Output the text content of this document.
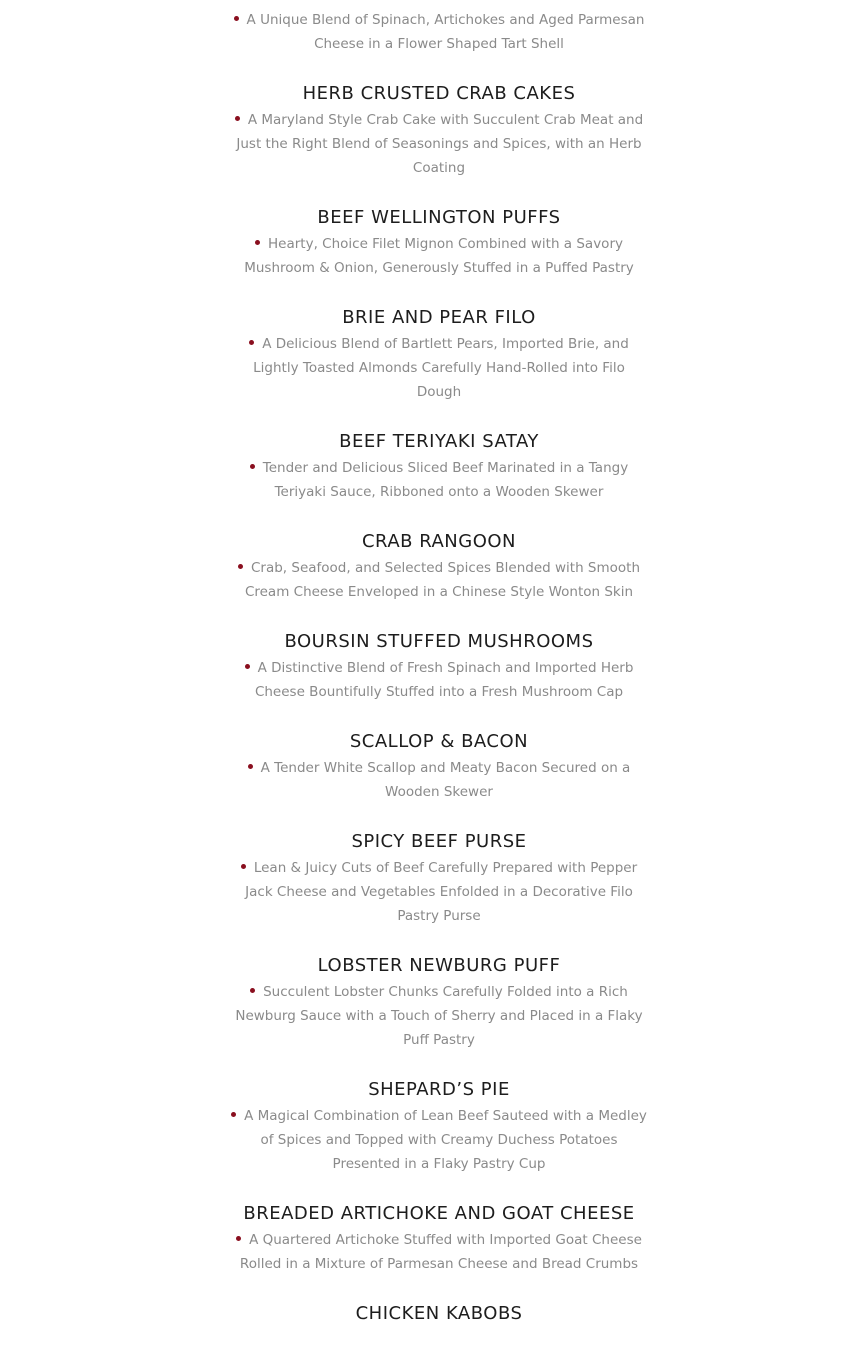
A Unique Blend of Spinach, Artichokes and Aged Parmesan Cheese in a Flower Shaped Tart Shell

HERB CRUSTED CRAB CAKES

A Maryland Style Crab Cake with Succulent Crab Meat and Just the Right Blend of Seasonings and Spices, with an Herb Coating

BEEF WELLINGTON PUFFS

Hearty, Choice Filet Mignon Combined with a Savory Mushroom & Onion, Generously Stuffed in a Puffed Pastry

BRIE AND PEAR FILO

A Delicious Blend of Bartlett Pears, Imported Brie, and Lightly Toasted Almonds Carefully Hand-Rolled into Filo Dough

BEEF TERIYAKI SATAY

Tender and Delicious Sliced Beef Marinated in a Tangy Teriyaki Sauce, Ribboned onto a Wooden Skewer

CRAB RANGOON

Crab, Seafood, and Selected Spices Blended with Smooth Cream Cheese Enveloped in a Chinese Style Wonton Skin

BOURSIN STUFFED MUSHROOMS

A Distinctive Blend of Fresh Spinach and Imported Herb Cheese Bountifully Stuffed into a Fresh Mushroom Cap

SCALLOP & BACON

A Tender White Scallop and Meaty Bacon Secured on a Wooden Skewer

SPICY BEEF PURSE

Lean & Juicy Cuts of Beef Carefully Prepared with Pepper Jack Cheese and Vegetables Enfolded in a Decorative Filo Pastry Purse

LOBSTER NEWBURG PUFF

Succulent Lobster Chunks Carefully Folded into a Rich Newburg Sauce with a Touch of Sherry and Placed in a Flaky Puff Pastry

SHEPARD’S PIE

A Magical Combination of Lean Beef Sauteed with a Medley of Spices and Topped with Creamy Duchess Potatoes Presented in a Flaky Pastry Cup

BREADED ARTICHOKE AND GOAT CHEESE

A Quartered Artichoke Stuffed with Imported Goat Cheese Rolled in a Mixture of Parmesan Cheese and Bread Crumbs

CHICKEN KABOBS
